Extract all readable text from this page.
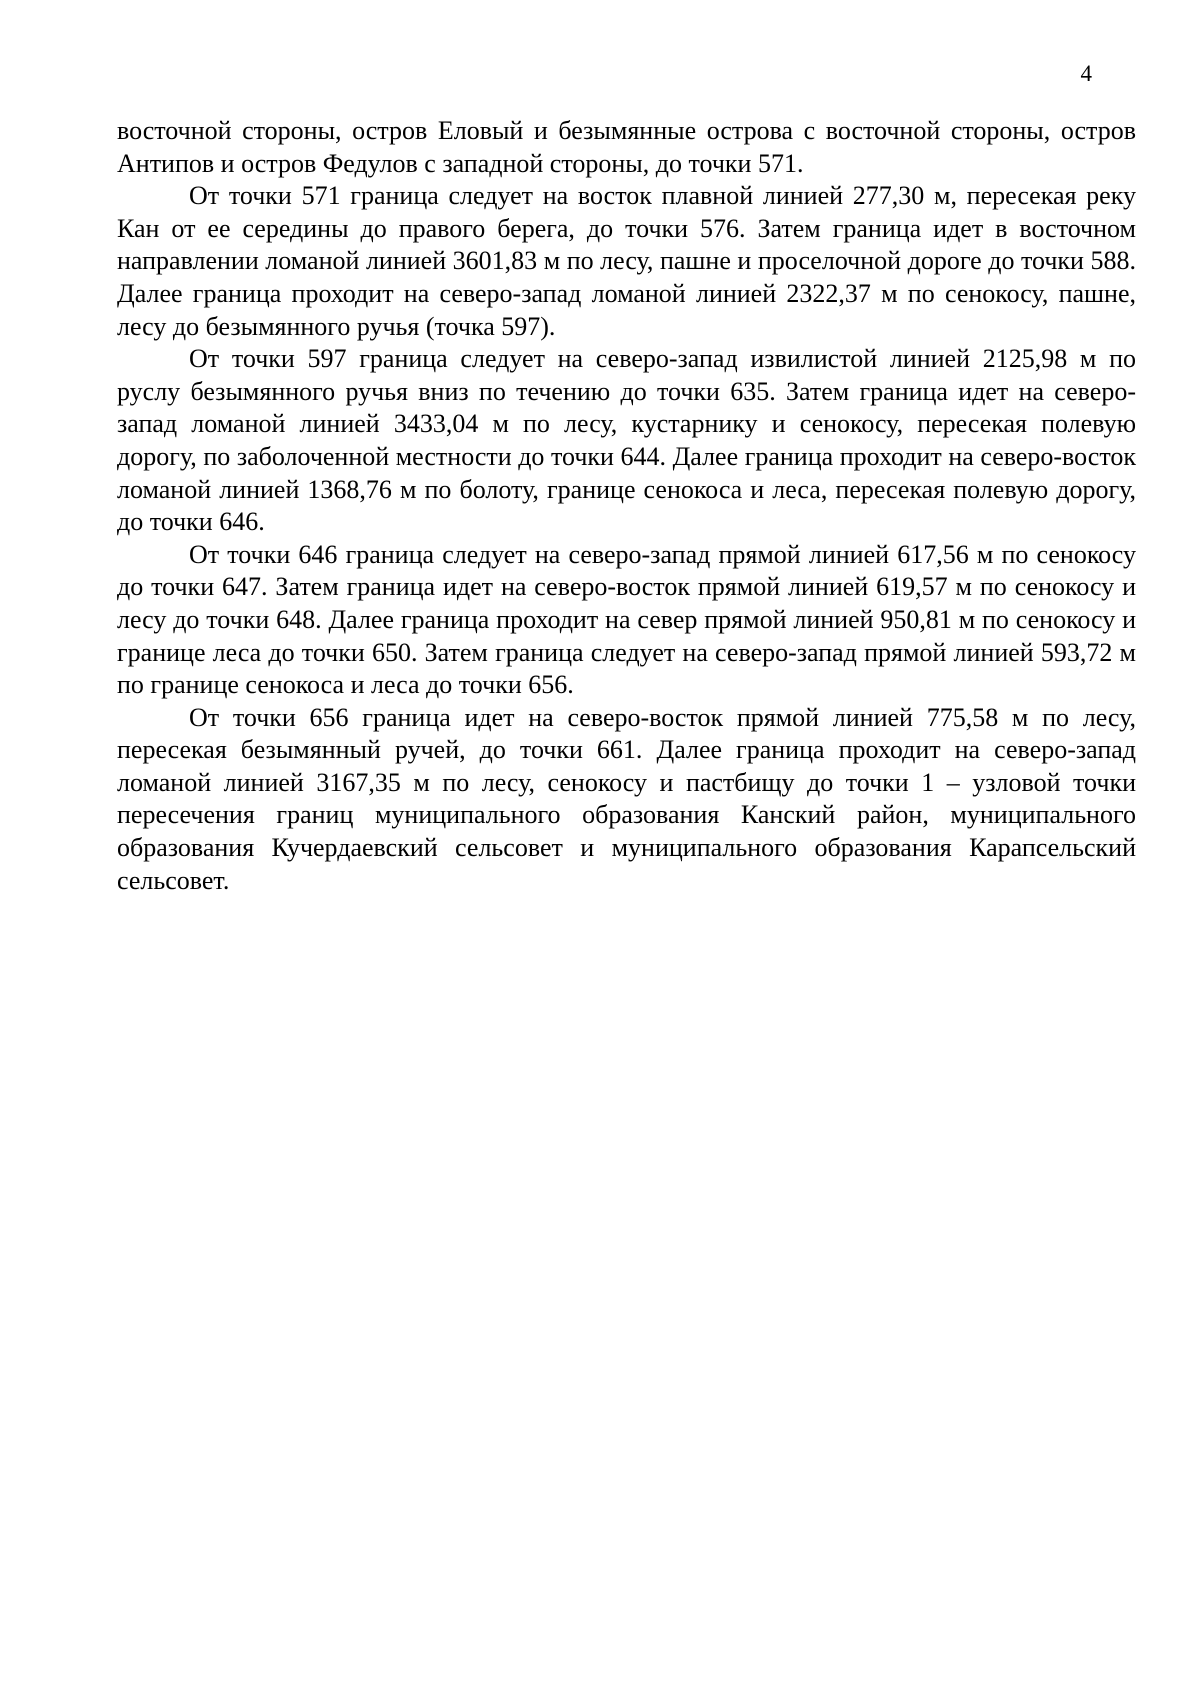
4

восточной стороны, остров Еловый и безымянные острова с восточной стороны, остров Антипов и остров Федулов с западной стороны, до точки 571.

От точки 571 граница следует на восток плавной линией 277,30 м, пересекая реку Кан от ее середины до правого берега, до точки 576. Затем граница идет в восточном направлении ломаной линией 3601,83 м по лесу, пашне и проселочной дороге до точки 588. Далее граница проходит на северо-запад ломаной линией 2322,37 м по сенокосу, пашне, лесу до безымянного ручья (точка 597).

От точки 597 граница следует на северо-запад извилистой линией 2125,98 м по руслу безымянного ручья вниз по течению до точки 635. Затем граница идет на северо-запад ломаной линией 3433,04 м по лесу, кустарнику и сенокосу, пересекая полевую дорогу, по заболоченной местности до точки 644. Далее граница проходит на северо-восток ломаной линией 1368,76 м по болоту, границе сенокоса и леса, пересекая полевую дорогу, до точки 646.

От точки 646 граница следует на северо-запад прямой линией 617,56 м по сенокосу до точки 647. Затем граница идет на северо-восток прямой линией 619,57 м по сенокосу и лесу до точки 648. Далее граница проходит на север прямой линией 950,81 м по сенокосу и границе леса до точки 650. Затем граница следует на северо-запад прямой линией 593,72 м по границе сенокоса и леса до точки 656.

От точки 656 граница идет на северо-восток прямой линией 775,58 м по лесу, пересекая безымянный ручей, до точки 661. Далее граница проходит на северо-запад ломаной линией 3167,35 м по лесу, сенокосу и пастбищу до точки 1 – узловой точки пересечения границ муниципального образования Канский район, муниципального образования Кучердаевский сельсовет и муниципального образования Карапсельский сельсовет.
